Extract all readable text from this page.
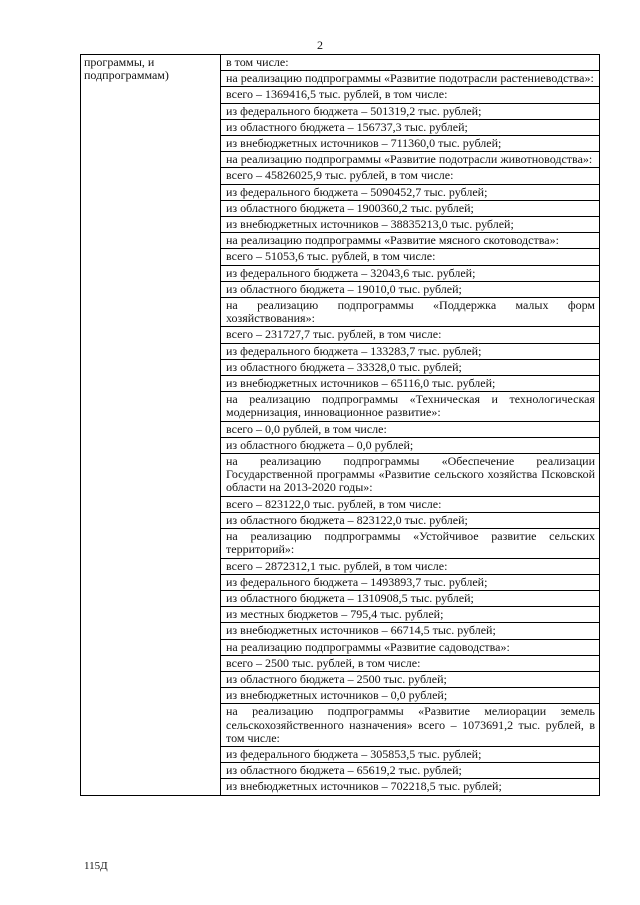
2
программы, и
подпрограммам)

в том числе:
на реализацию подпрограммы «Развитие подотрасли растениеводства»:
всего – 1369416,5 тыс. рублей, в том числе:
из федерального бюджета – 501319,2 тыс. рублей;
из областного бюджета – 156737,3 тыс. рублей;
из внебюджетных источников – 711360,0 тыс. рублей;
на реализацию подпрограммы «Развитие подотрасли животноводства»:
всего – 45826025,9 тыс. рублей, в том числе:
из федерального бюджета – 5090452,7 тыс. рублей;
из областного бюджета – 1900360,2 тыс. рублей;
из внебюджетных источников – 38835213,0 тыс. рублей;
на реализацию подпрограммы «Развитие мясного скотоводства»:
всего – 51053,6 тыс. рублей, в том числе:
из федерального бюджета – 32043,6 тыс. рублей;
из областного бюджета – 19010,0 тыс. рублей;
на реализацию подпрограммы «Поддержка малых форм хозяйствования»:
всего – 231727,7 тыс. рублей, в том числе:
из федерального бюджета – 133283,7 тыс. рублей;
из областного бюджета – 33328,0 тыс. рублей;
из внебюджетных источников – 65116,0 тыс. рублей;
на реализацию подпрограммы «Техническая и технологическая модернизация, инновационное развитие»:
всего – 0,0 рублей, в том числе:
из областного бюджета – 0,0 рублей;
на реализацию подпрограммы «Обеспечение реализации Государственной программы «Развитие сельского хозяйства Псковской области на 2013-2020 годы»:
всего – 823122,0 тыс. рублей, в том числе:
из областного бюджета – 823122,0 тыс. рублей;
на реализацию подпрограммы «Устойчивое развитие сельских территорий»:
всего – 2872312,1 тыс. рублей, в том числе:
из федерального бюджета – 1493893,7 тыс. рублей;
из областного бюджета – 1310908,5 тыс. рублей;
из местных бюджетов – 795,4 тыс. рублей;
из внебюджетных источников – 66714,5 тыс. рублей;
на реализацию подпрограммы «Развитие садоводства»:
всего – 2500 тыс. рублей, в том числе:
из областного бюджета – 2500 тыс. рублей;
из внебюджетных источников – 0,0 рублей;
на реализацию подпрограммы «Развитие мелиорации земель сельскохозяйственного назначения» всего – 1073691,2 тыс. рублей, в том числе:
из федерального бюджета – 305853,5 тыс. рублей;
из областного бюджета – 65619,2 тыс. рублей;
из внебюджетных источников – 702218,5 тыс. рублей;
115Д
